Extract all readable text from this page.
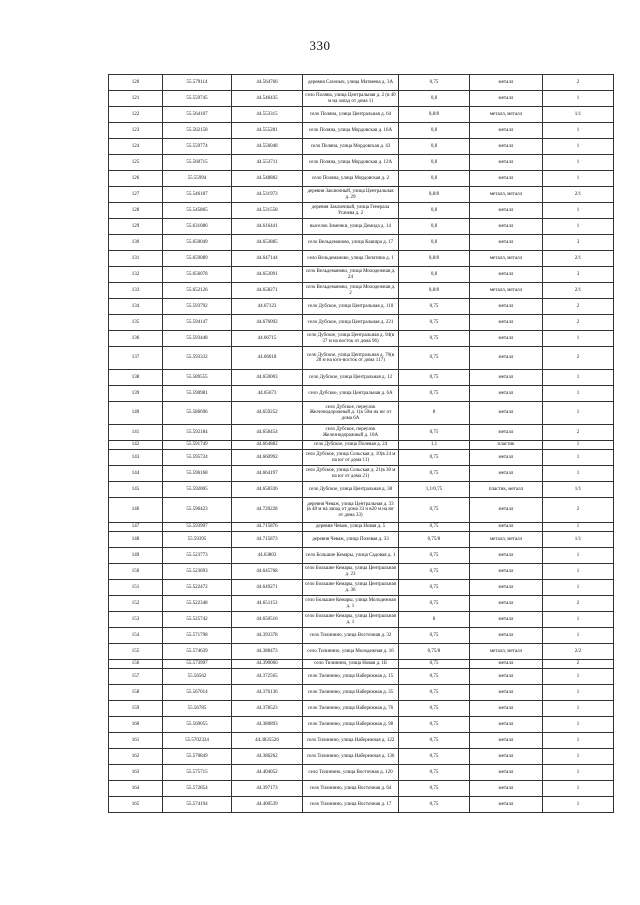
330
120	55.579114	44.564766	деревня Сазоныч, улица Матвеева д. 3А	0,75	металл	2
121	55.559745	44.546435	село Поляна, улица Центральная д. 2 (в 40 м на запад от дома 1)	0,8	металл	1
122	55.564107	44.553315	село Поляна, улица Центральная д. 64	0,8/8	металл, металл	1/1
123	55.562158	44.555281	село Поляна, улица Мордовская д. 16А	0,8	металл	1
124	55.559774	44.556048	село Поляна, улица Мордовская д. 43	0,8	металл	1
125	55.560715	44.553711	село Поляна, улица Мордовская д. 12А	0,8	металл	1
126	55.55994	44.548882	село Поляна, улица Мордовская д. 2	0,8	металл	1
127	55.546187	44.531973	деревня Заключный, улица Центральная д. 29	0,8/8	металл, металл	2/1
128	55.545865	44.531558	деревня Заключный, улица Генерала Усачева д. 2	0,8	металл	1
129	55.631086	44.616441	выселок Зименки, улица Демида д. 14	0,8	металл	1
130	55.650049	44.653885	село Вельдеманово, улица Кашира д. 17	0,8	металл	3
131	55.659089	44.647144	село Вельдеманово, улица Лопатина д. 1	0,8/8	металл, металл	2/1
132	55.656078	44.653091	село Вельдеманово, улица Молодежная д. 24	0,8	металл	3
133	55.652126	44.658271	село Вельдеманово, улица Молодежная д. 2	0,8/8	металл, металл	2/1
134	55.593792	44.67123	село Дубское, улица Центральная д. 110	0,75	металл	2
135	55.594147	44.676092	село Дубское, улица Центральная д. 221	0,75	металл	2
136	55.593448	44.66715	село Дубское, улица Центральная д. 94(в 37 м на восток от дома 96)	0,75	металл	1
137	55.593332	44.66018	село Дубское, улица Центральная д. 70(в 28 м на юго-восток от дома 117)	0,75	металл	2
138	55.589555	44.659003	село Дубское, улица Центральная д. 12	0,75	металл	1
139	55.590981	44.65673	село Дубское, улица Центральная д. 6А	0,75	металл	1
140	55.586696	44.659252	село Дубское, переулок Железнодорожный д. 1(в 50м на юг от дома 6А	8	металл	1
141	55.592184	44.658454	село Дубское, переулок Железнодорожный д. 10А	0,75	металл	2
142	55.591749	44.664882	село Дубское, улица Полевая д. 24	1,1	пластик	1
143	55.595724	44.660992	село Дубское, улица Сельская д. 10(в 24 м на юг от дома 11)	0,75	металл	1
144	55.596168	44.664197	село Дубское, улица Сельская д. 21(в 30 м на юг от дома 21)	0,75	металл	1
145	55.592005	44.658336	село Дубское, улица Центральная д. 38	1,1/0,75	пластик, металл	1/1
146	55.596423	44.720228	деревня Чеваж, улица Центральная д. 33 (в 48 м на запад от дома 33 и в20 м на юг от дома 33)	0,75	металл	2
147	55.593997	44.715876	деревня Чеваж, улица Новая д. 5	0,75	металл	1
148	55.59395	44.715873	деревня Чеваж, улица Полевая д. 33	0,75/8	металл, металл	1/1
149	55.523773	44.63803	село Большие Кемары, улица Садовая д. 1	0,75	металл	1
150	55.523693	44.645768	село Большие Кемары, улица Центральная д. 23	0,75	металл	1
151	55.522472	44.649271	село Большие Кемары, улица Центральная д. 36	0,75	металл	1
152	55.522348	44.651153	село Большие Кемары, улица Молодежная д. 1	0,75	металл	2
153	55.525742	44.650516	село Большие Кемары, улица Центральная д. 1	8	металл	1
154	55.571798	44.393378	село Тилинино, улица Восточная д. 32	0,75	металл	1
155	55.574639	44.388473	село Тилинино, улица Молодежная д. 16	0,75/8	металл, металл	2/2
156	55.573997	44.390066	село Тилинино, улица Новая д. 1Б	0,75	металл	2
157	55.56562	44.372565	село Тилинино, улица Набережная д. 15	0,75	металл	1
158	55.567014	44.376136	село Тилинино, улица Набережная д. 35	0,75	металл	1
159	55.56785	44.378523	село Тилинино, улица Набережная д. 76	0,75	металл	1
160	55.569055	44.380893	село Тилинино, улица Набережная д. 98	0,75	металл	1
161	55.5702324	44.3835526	село Тилинино, улица Набережная д. 122	0,75	металл	1
162	55.570849	44.386262	село Тилинино, улица Набережная д. 136	0,75	металл	1
163	55.575715	44.404052	село Тилинино, улица Восточная д. 120	0,75	металл	1
164	55.572854	44.397173	село Тилинино, улица Восточная д. 64	0,75	металл	1
165	55.574194	44.400539	село Тилинино, улица Восточная д. 17	0,75	металл	1
